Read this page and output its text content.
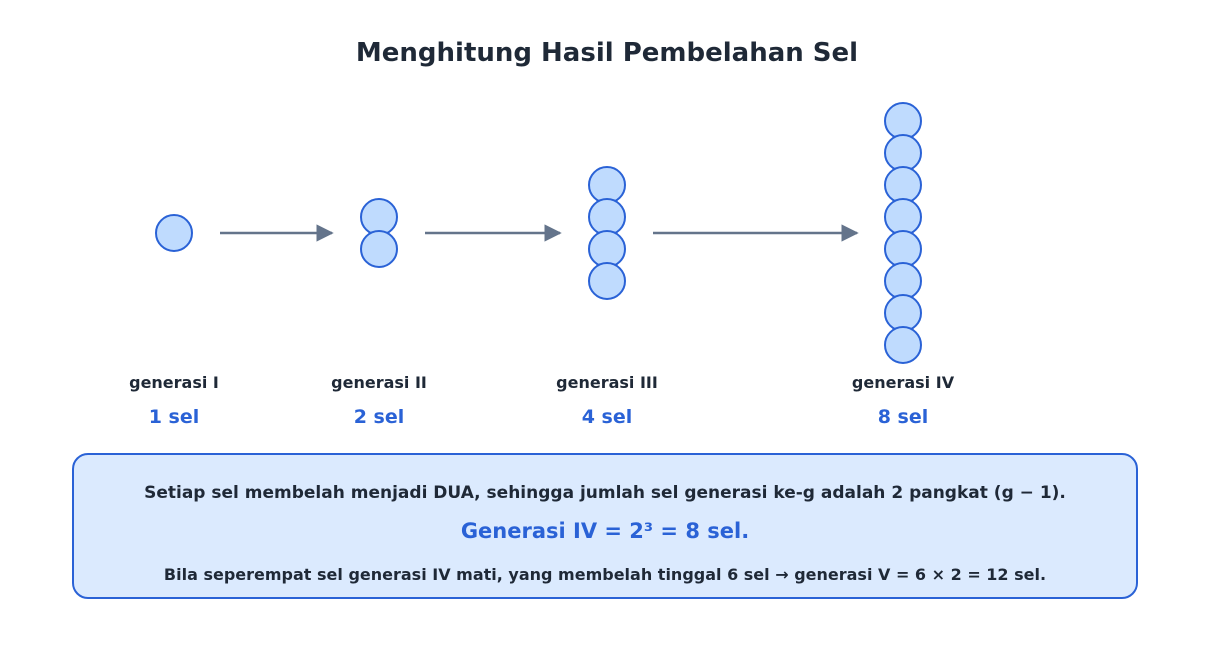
Menghitung Hasil Pembelahan Sel
generasi I
1 sel
generasi II
2 sel
generasi III
4 sel
generasi IV
8 sel
Setiap sel membelah menjadi DUA, sehingga jumlah sel generasi ke-g adalah 2 pangkat (g − 1).
Generasi IV = 2³ = 8 sel.
Bila seperempat sel generasi IV mati, yang membelah tinggal 6 sel → generasi V = 6 × 2 = 12 sel.
